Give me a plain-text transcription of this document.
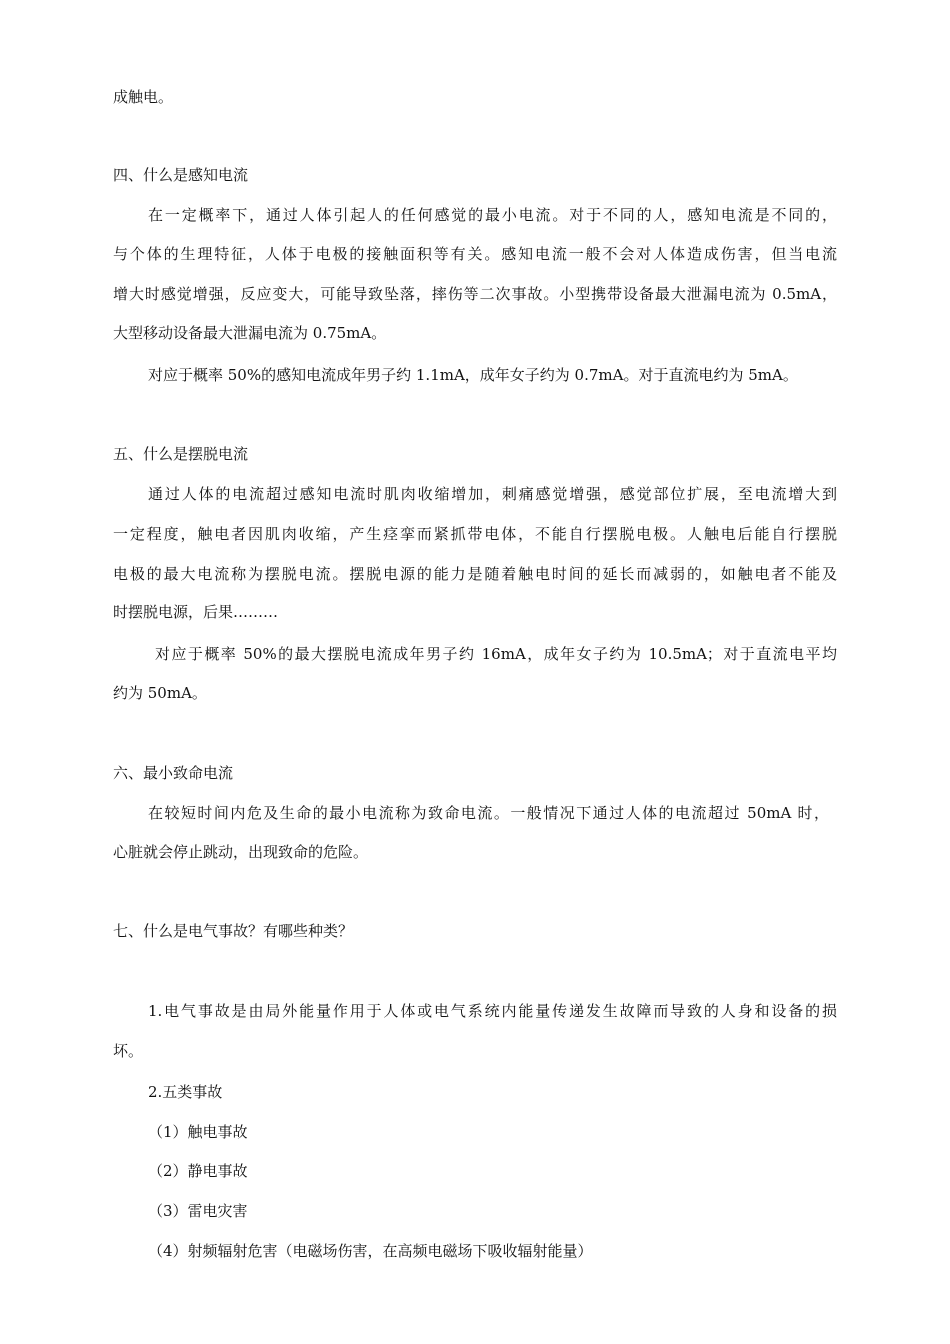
成触电。
四、什么是感知电流
在一定概率下，通过人体引起人的任何感觉的最小电流。对于不同的人，感知电流是不同的，
与个体的生理特征，人体于电极的接触面积等有关。感知电流一般不会对人体造成伤害，但当电流
增大时感觉增强，反应变大，可能导致坠落，摔伤等二次事故。小型携带设备最大泄漏电流为 0.5mA，
大型移动设备最大泄漏电流为 0.75mA。
对应于概率 50%的感知电流成年男子约 1.1mA，成年女子约为 0.7mA。对于直流电约为 5mA。
五、什么是摆脱电流
通过人体的电流超过感知电流时肌肉收缩增加，刺痛感觉增强，感觉部位扩展，至电流增大到
一定程度，触电者因肌肉收缩，产生痉挛而紧抓带电体，不能自行摆脱电极。人触电后能自行摆脱
电极的最大电流称为摆脱电流。摆脱电源的能力是随着触电时间的延长而减弱的，如触电者不能及
时摆脱电源，后果………
对应于概率 50%的最大摆脱电流成年男子约 16mA，成年女子约为 10.5mA；对于直流电平均
约为 50mA。
六、最小致命电流
在较短时间内危及生命的最小电流称为致命电流。一般情况下通过人体的电流超过 50mA 时，
心脏就会停止跳动，出现致命的危险。
七、什么是电气事故？有哪些种类？
1.电气事故是由局外能量作用于人体或电气系统内能量传递发生故障而导致的人身和设备的损
坏。
2.五类事故
（1）触电事故
（2）静电事故
（3）雷电灾害
（4）射频辐射危害（电磁场伤害，在高频电磁场下吸收辐射能量）
